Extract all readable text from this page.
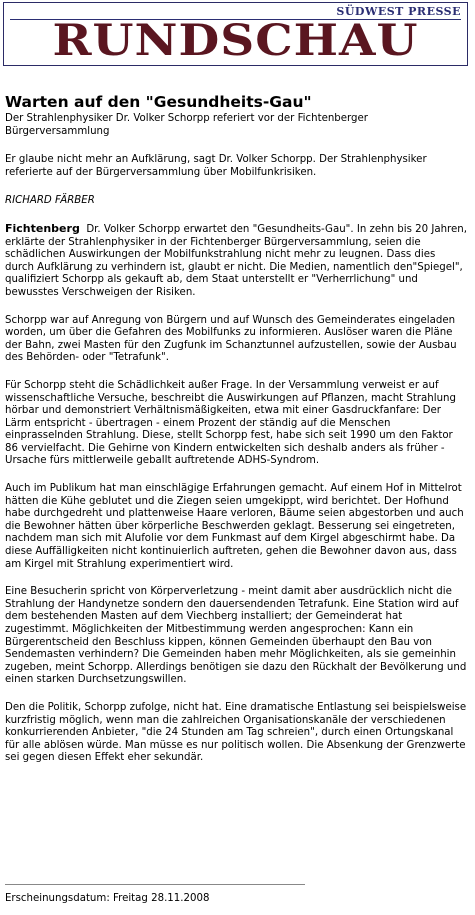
SÜDWEST PRESSE
RUNDSCHAU
Warten auf den "Gesundheits-Gau"

Der Strahlenphysiker Dr. Volker Schorpp referiert vor der Fichtenberger Bürgerversammlung

Er glaube nicht mehr an Aufklärung, sagt Dr. Volker Schorpp. Der Strahlenphysiker referierte auf der Bürgerversammlung über Mobilfunkrisiken.

RICHARD FÄRBER

Fichtenberg Dr. Volker Schorpp erwartet den "Gesundheits-Gau". In zehn bis 20 Jahren, erklärte der Strahlenphysiker in der Fichtenberger Bürgerversammlung, seien die schädlichen Auswirkungen der Mobilfunkstrahlung nicht mehr zu leugnen. Dass dies durch Aufklärung zu verhindern ist, glaubt er nicht. Die Medien, namentlich den"Spiegel", qualifiziert Schorpp als gekauft ab, dem Staat unterstellt er "Verherrlichung" und bewusstes Verschweigen der Risiken.

Schorpp war auf Anregung von Bürgern und auf Wunsch des Gemeinderates eingeladen worden, um über die Gefahren des Mobilfunks zu informieren. Auslöser waren die Pläne der Bahn, zwei Masten für den Zugfunk im Schanztunnel aufzustellen, sowie der Ausbau des Behörden- oder "Tetrafunk".

Für Schorpp steht die Schädlichkeit außer Frage. In der Versammlung verweist er auf wissenschaftliche Versuche, beschreibt die Auswirkungen auf Pflanzen, macht Strahlung hörbar und demonstriert Verhältnismäßigkeiten, etwa mit einer Gasdruckfanfare: Der Lärm entspricht - übertragen - einem Prozent der ständig auf die Menschen einprasselnden Strahlung. Diese, stellt Schorpp fest, habe sich seit 1990 um den Faktor 86 vervielfacht. Die Gehirne von Kindern entwickelten sich deshalb anders als früher - Ursache fürs mittlerweile geballt auftretende ADHS-Syndrom.

Auch im Publikum hat man einschlägige Erfahrungen gemacht. Auf einem Hof in Mittelrot hätten die Kühe geblutet und die Ziegen seien umgekippt, wird berichtet. Der Hofhund habe durchgedreht und plattenweise Haare verloren, Bäume seien abgestorben und auch die Bewohner hätten über körperliche Beschwerden geklagt. Besserung sei eingetreten, nachdem man sich mit Alufolie vor dem Funkmast auf dem Kirgel abgeschirmt habe. Da diese Auffälligkeiten nicht kontinuierlich auftreten, gehen die Bewohner davon aus, dass am Kirgel mit Strahlung experimentiert wird.

Eine Besucherin spricht von Körperverletzung - meint damit aber ausdrücklich nicht die Strahlung der Handynetze sondern den dauersendenden Tetrafunk. Eine Station wird auf dem bestehenden Masten auf dem Viechberg installiert; der Gemeinderat hat zugestimmt. Möglichkeiten der Mitbestimmung werden angesprochen: Kann ein Bürgerentscheid den Beschluss kippen, können Gemeinden überhaupt den Bau von Sendemasten verhindern? Die Gemeinden haben mehr Möglichkeiten, als sie gemeinhin zugeben, meint Schorpp. Allerdings benötigen sie dazu den Rückhalt der Bevölkerung und einen starken Durchsetzungswillen.

Den die Politik, Schorpp zufolge, nicht hat. Eine dramatische Entlastung sei beispielsweise kurzfristig möglich, wenn man die zahlreichen Organisationskanäle der verschiedenen konkurrierenden Anbieter, "die 24 Stunden am Tag schreien", durch einen Ortungskanal für alle ablösen würde. Man müsse es nur politisch wollen. Die Absenkung der Grenzwerte sei gegen diesen Effekt eher sekundär.

Erscheinungsdatum: Freitag 28.11.2008
